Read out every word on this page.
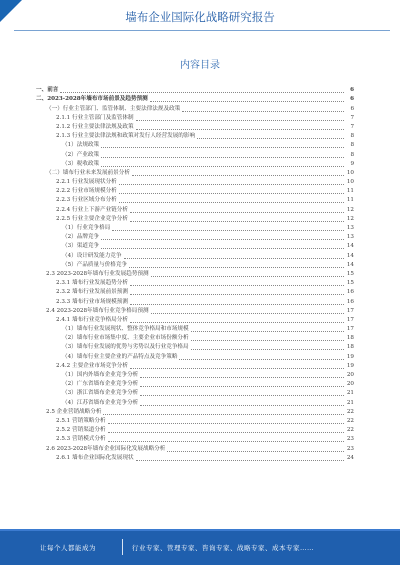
墙布企业国际化战略研究报告
内容目录
一、前言	6
二、2023-2028年墙布市场前景及趋势预测	6
（一）行业主管部门、监管体制、主要法律法规及政策	6
2.1.1 行业主管部门及监管体制	7
2.1.2 行业主要法律法规及政策	7
2.1.3 行业主要法律法规和政策对发行人经营发展的影响	8
（1）法规政策	8
（2）产业政策	8
（3）税收政策	9
（二）墙布行业未来发展前景分析	10
2.2.1 行业发展现状分析	10
2.2.2 行业市场规模分析	11
2.2.3 行业区域分布分析	11
2.2.4 行业上下游产业链分析	12
2.2.5 行业主要企业竞争分析	12
（1）行业竞争格局	13
（2）品牌竞争	13
（3）渠道竞争	14
（4）设计研发能力竞争	14
（5）产品质量与价格竞争	14
2.3 2023-2028年墙布行业发展趋势预测	15
2.3.1 墙布行业发展趋势分析	15
2.3.2 墙布行业发展前景预测	16
2.3.3 墙布行业市场规模预测	16
2.4 2023-2028年墙布行业竞争格局预测	17
2.4.1 墙布行业竞争格局分析	17
（1）墙布行业发展现状、整体竞争格局和市场规模	17
（2）墙布行业市场集中度、主要企业市场份额分析	18
（3）墙布行业发展的优势与劣势以及行业竞争格局	18
（4）墙布行业主要企业的产品特点及竞争策略	19
2.4.2 主要企业市场竞争分析	19
（1）国内外墙布企业竞争分析	20
（2）广东省墙布企业竞争分析	20
（3）浙江省墙布企业竞争分析	21
（4）江苏省墙布企业竞争分析	21
2.5 企业营销战略分析	22
2.5.1 营销策略分析	22
2.5.2 营销渠道分析	22
2.5.3 营销模式分析	23
2.6 2023-2028年墙布企业国际化发展战略分析	23
2.6.1 墙布企业国际化发展现状	24
让每个人都能成为	行业专家、管理专家、咨询专家、战略专家、成本专家……
